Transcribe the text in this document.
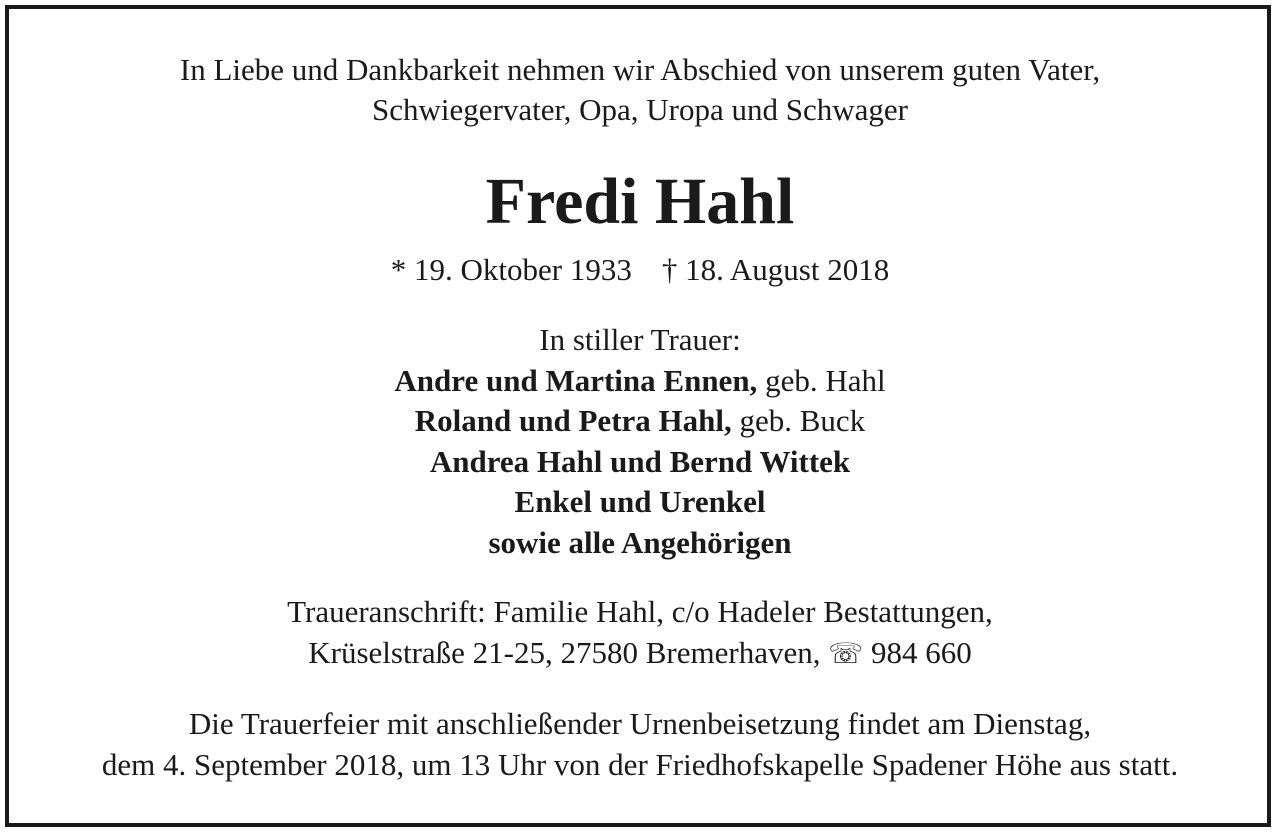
In Liebe und Dankbarkeit nehmen wir Abschied von unserem guten Vater,
Schwiegervater, Opa, Uropa und Schwager
Fredi Hahl
* 19. Oktober 1933 † 18. August 2018
In stiller Trauer:
Andre und Martina Ennen, geb. Hahl
Roland und Petra Hahl, geb. Buck
Andrea Hahl und Bernd Wittek
Enkel und Urenkel
sowie alle Angehörigen
Traueranschrift: Familie Hahl, c/o Hadeler Bestattungen,
Krüselstraße 21-25, 27580 Bremerhaven, ☏ 984 660
Die Trauerfeier mit anschließender Urnenbeisetzung findet am Dienstag,
dem 4. September 2018, um 13 Uhr von der Friedhofskapelle Spadener Höhe aus statt.
